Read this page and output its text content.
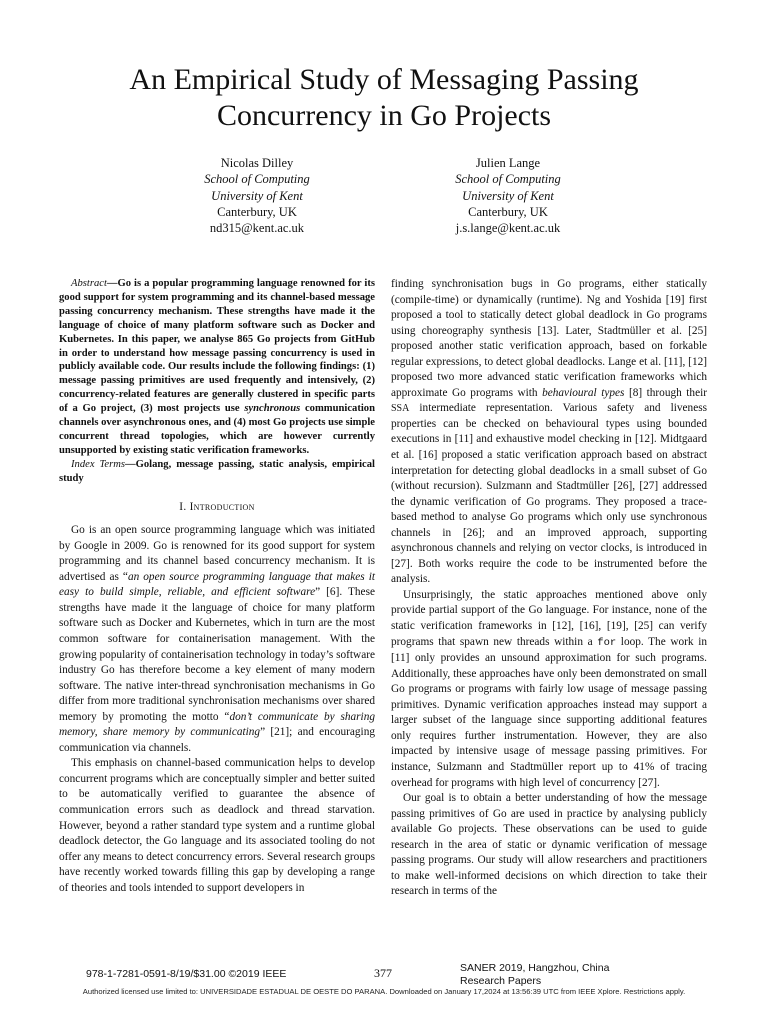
An Empirical Study of Messaging Passing
Concurrency in Go Projects
Nicolas Dilley
School of Computing
University of Kent
Canterbury, UK
nd315@kent.ac.uk
Julien Lange
School of Computing
University of Kent
Canterbury, UK
j.s.lange@kent.ac.uk

Abstract—Go is a popular programming language renowned for its good support for system programming and its channel-based message passing concurrency mechanism. These strengths have made it the language of choice of many platform software such as Docker and Kubernetes. In this paper, we analyse 865 Go projects from GitHub in order to understand how message passing concurrency is used in publicly available code. Our results include the following findings: (1) message passing primitives are used frequently and intensively, (2) concurrency-related features are generally clustered in specific parts of a Go project, (3) most projects use synchronous communication channels over asynchronous ones, and (4) most Go projects use simple concurrent thread topologies, which are however currently unsupported by existing static verification frameworks.

Index Terms—Golang, message passing, static analysis, empirical study

I. Introduction

Go is an open source programming language which was initiated by Google in 2009. Go is renowned for its good support for system programming and its channel based concurrency mechanism. It is advertised as “an open source programming language that makes it easy to build simple, reliable, and efficient software” [6]. These strengths have made it the language of choice for many platform software such as Docker and Kubernetes, which in turn are the most common software for containerisation management. With the growing popularity of containerisation technology in today’s software industry Go has therefore become a key element of many modern software. The native inter-thread synchronisation mechanisms in Go differ from more traditional synchronisation mechanisms over shared memory by promoting the motto “don’t communicate by sharing memory, share memory by communicating” [21]; and encouraging communication via channels.

This emphasis on channel-based communication helps to develop concurrent programs which are conceptually simpler and better suited to be automatically verified to guarantee the absence of communication errors such as deadlock and thread starvation. However, beyond a rather standard type system and a runtime global deadlock detector, the Go language and its associated tooling do not offer any means to detect concurrency errors. Several research groups have recently worked towards filling this gap by developing a range of theories and tools intended to support developers in

finding synchronisation bugs in Go programs, either statically (compile-time) or dynamically (runtime). Ng and Yoshida [19] first proposed a tool to statically detect global deadlock in Go programs using choreography synthesis [13]. Later, Stadtmüller et al. [25] proposed another static verification approach, based on forkable regular expressions, to detect global deadlocks. Lange et al. [11], [12] proposed two more advanced static verification frameworks which approximate Go programs with behavioural types [8] through their SSA intermediate representation. Various safety and liveness properties can be checked on behavioural types using bounded executions in [11] and exhaustive model checking in [12]. Midtgaard et al. [16] proposed a static verification approach based on abstract interpretation for detecting global deadlocks in a small subset of Go (without recursion). Sulzmann and Stadtmüller [26], [27] addressed the dynamic verification of Go programs. They proposed a trace-based method to analyse Go programs which only use synchronous channels in [26]; and an improved approach, supporting asynchronous channels and relying on vector clocks, is introduced in [27]. Both works require the code to be instrumented before the analysis.

Unsurprisingly, the static approaches mentioned above only provide partial support of the Go language. For instance, none of the static verification frameworks in [12], [16], [19], [25] can verify programs that spawn new threads within a for loop. The work in [11] only provides an unsound approximation for such programs. Additionally, these approaches have only been demonstrated on small Go programs or programs with fairly low usage of message passing primitives. Dynamic verification approaches instead may support a larger subset of the language since supporting additional features only requires further instrumentation. However, they are also impacted by intensive usage of message passing primitives. For instance, Sulzmann and Stadtmüller report up to 41% of tracing overhead for programs with high level of concurrency [27].

Our goal is to obtain a better understanding of how the message passing primitives of Go are used in practice by analysing publicly available Go projects. These observations can be used to guide research in the area of static or dynamic verification of message passing programs. Our study will allow researchers and practitioners to make well-informed decisions on which direction to take their research in terms of the

978-1-7281-0591-8/19/$31.00 ©2019 IEEE	377	SANER 2019, Hangzhou, China
Research Papers
Authorized licensed use limited to: UNIVERSIDADE ESTADUAL DE OESTE DO PARANA. Downloaded on January 17,2024 at 13:56:39 UTC from IEEE Xplore. Restrictions apply.
